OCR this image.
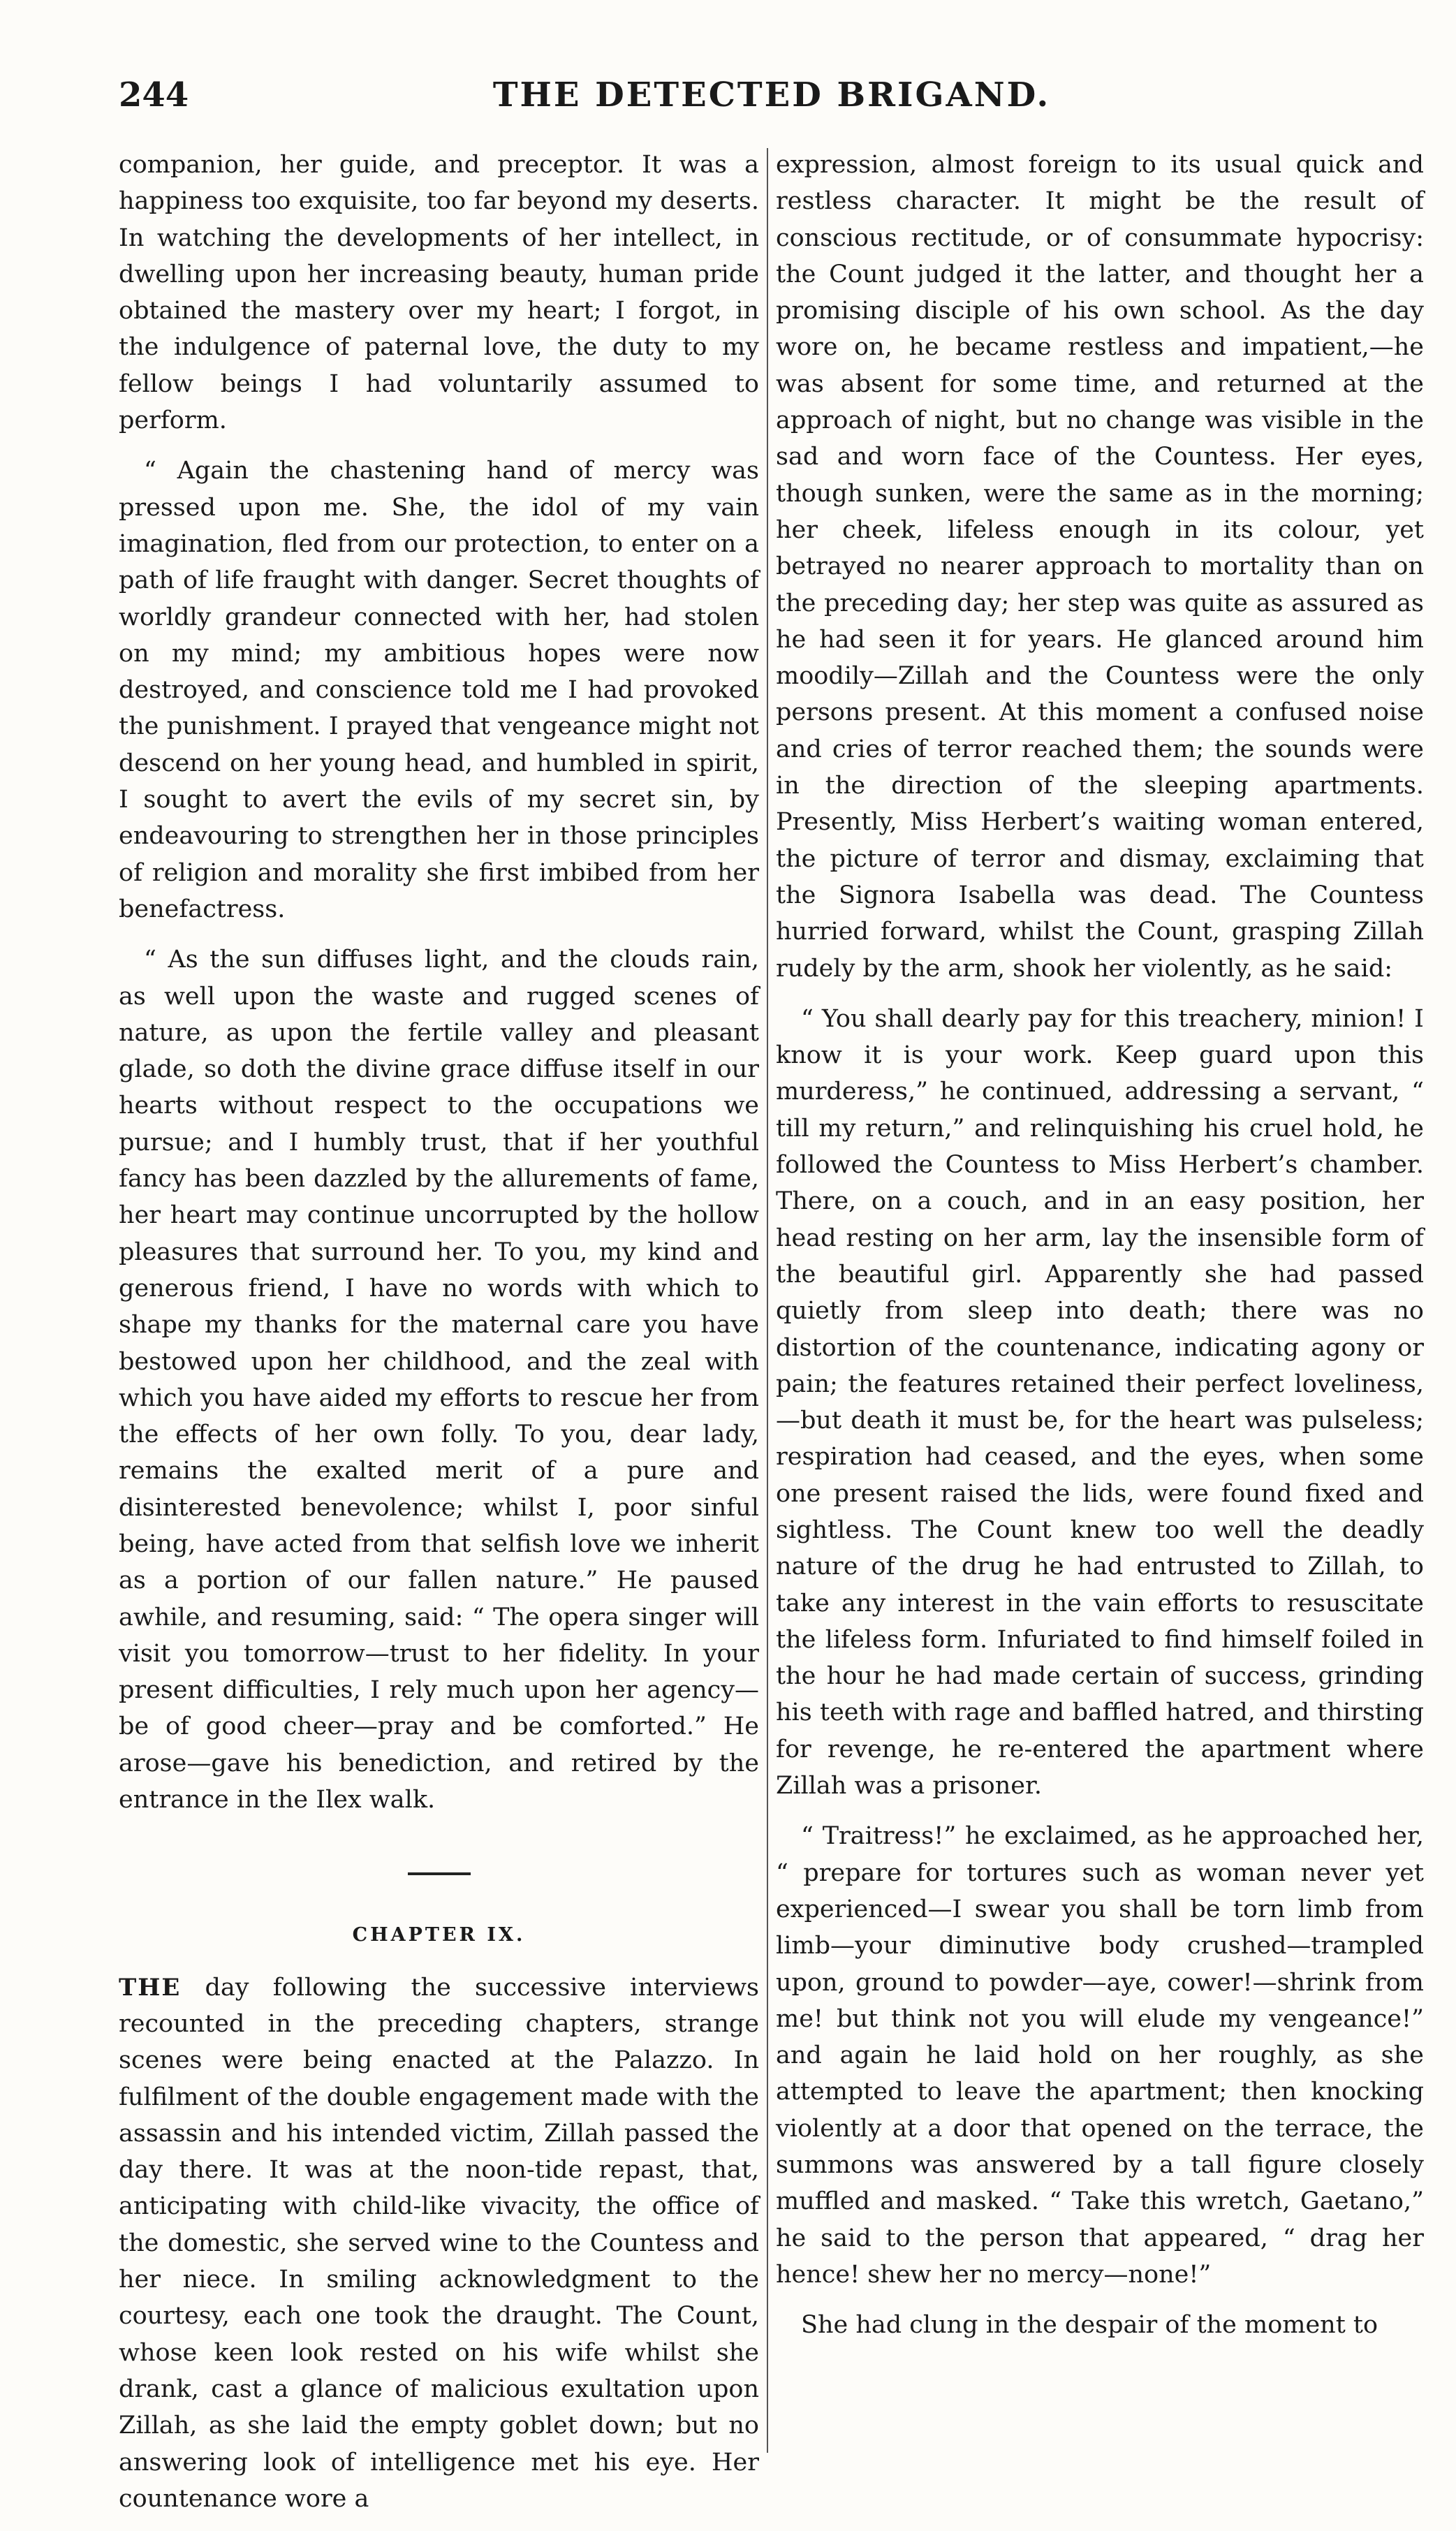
244	THE DETECTED BRIGAND.

companion, her guide, and preceptor. It was a happiness too exquisite, too far beyond my deserts. In watching the developments of her intellect, in dwelling upon her increasing beauty, human pride obtained the mastery over my heart; I forgot, in the indulgence of paternal love, the duty to my fellow beings I had voluntarily assumed to perform.

“ Again the chastening hand of mercy was pressed upon me. She, the idol of my vain imagination, fled from our protection, to enter on a path of life fraught with danger. Secret thoughts of worldly grandeur connected with her, had stolen on my mind; my ambitious hopes were now destroyed, and conscience told me I had provoked the punishment. I prayed that vengeance might not descend on her young head, and humbled in spirit, I sought to avert the evils of my secret sin, by endeavouring to strengthen her in those principles of religion and morality she first imbibed from her benefactress.

“ As the sun diffuses light, and the clouds rain, as well upon the waste and rugged scenes of nature, as upon the fertile valley and pleasant glade, so doth the divine grace diffuse itself in our hearts without respect to the occupations we pursue; and I humbly trust, that if her youthful fancy has been dazzled by the allurements of fame, her heart may continue uncorrupted by the hollow pleasures that surround her. To you, my kind and generous friend, I have no words with which to shape my thanks for the maternal care you have bestowed upon her childhood, and the zeal with which you have aided my efforts to rescue her from the effects of her own folly. To you, dear lady, remains the exalted merit of a pure and disinterested benevolence; whilst I, poor sinful being, have acted from that selfish love we inherit as a portion of our fallen nature.” He paused awhile, and resuming, said: “ The opera singer will visit you tomorrow—trust to her fidelity. In your present difficulties, I rely much upon her agency—be of good cheer—pray and be comforted.” He arose—gave his benediction, and retired by the entrance in the Ilex walk.

CHAPTER IX.

THE day following the successive interviews recounted in the preceding chapters, strange scenes were being enacted at the Palazzo. In fulfilment of the double engagement made with the assassin and his intended victim, Zillah passed the day there. It was at the noon-tide repast, that, anticipating with child-like vivacity, the office of the domestic, she served wine to the Countess and her niece. In smiling acknowledgment to the courtesy, each one took the draught. The Count, whose keen look rested on his wife whilst she drank, cast a glance of malicious exultation upon Zillah, as she laid the empty goblet down; but no answering look of intelligence met his eye. Her countenance wore a

expression, almost foreign to its usual quick and restless character. It might be the result of conscious rectitude, or of consummate hypocrisy: the Count judged it the latter, and thought her a promising disciple of his own school. As the day wore on, he became restless and impatient,—he was absent for some time, and returned at the approach of night, but no change was visible in the sad and worn face of the Countess. Her eyes, though sunken, were the same as in the morning; her cheek, lifeless enough in its colour, yet betrayed no nearer approach to mortality than on the preceding day; her step was quite as assured as he had seen it for years. He glanced around him moodily—Zillah and the Countess were the only persons present. At this moment a confused noise and cries of terror reached them; the sounds were in the direction of the sleeping apartments. Presently, Miss Herbert’s waiting woman entered, the picture of terror and dismay, exclaiming that the Signora Isabella was dead. The Countess hurried forward, whilst the Count, grasping Zillah rudely by the arm, shook her violently, as he said:

“ You shall dearly pay for this treachery, minion! I know it is your work. Keep guard upon this murderess,” he continued, addressing a servant, “ till my return,” and relinquishing his cruel hold, he followed the Countess to Miss Herbert’s chamber. There, on a couch, and in an easy position, her head resting on her arm, lay the insensible form of the beautiful girl. Apparently she had passed quietly from sleep into death; there was no distortion of the countenance, indicating agony or pain; the features retained their perfect loveliness,—but death it must be, for the heart was pulseless; respiration had ceased, and the eyes, when some one present raised the lids, were found fixed and sightless. The Count knew too well the deadly nature of the drug he had entrusted to Zillah, to take any interest in the vain efforts to resuscitate the lifeless form. Infuriated to find himself foiled in the hour he had made certain of success, grinding his teeth with rage and baffled hatred, and thirsting for revenge, he re-entered the apartment where Zillah was a prisoner.

“ Traitress!” he exclaimed, as he approached her, “ prepare for tortures such as woman never yet experienced—I swear you shall be torn limb from limb—your diminutive body crushed—trampled upon, ground to powder—aye, cower!—shrink from me! but think not you will elude my vengeance!” and again he laid hold on her roughly, as she attempted to leave the apartment; then knocking violently at a door that opened on the terrace, the summons was answered by a tall figure closely muffled and masked. “ Take this wretch, Gaetano,” he said to the person that appeared, “ drag her hence! shew her no mercy—none!”

She had clung in the despair of the moment to
